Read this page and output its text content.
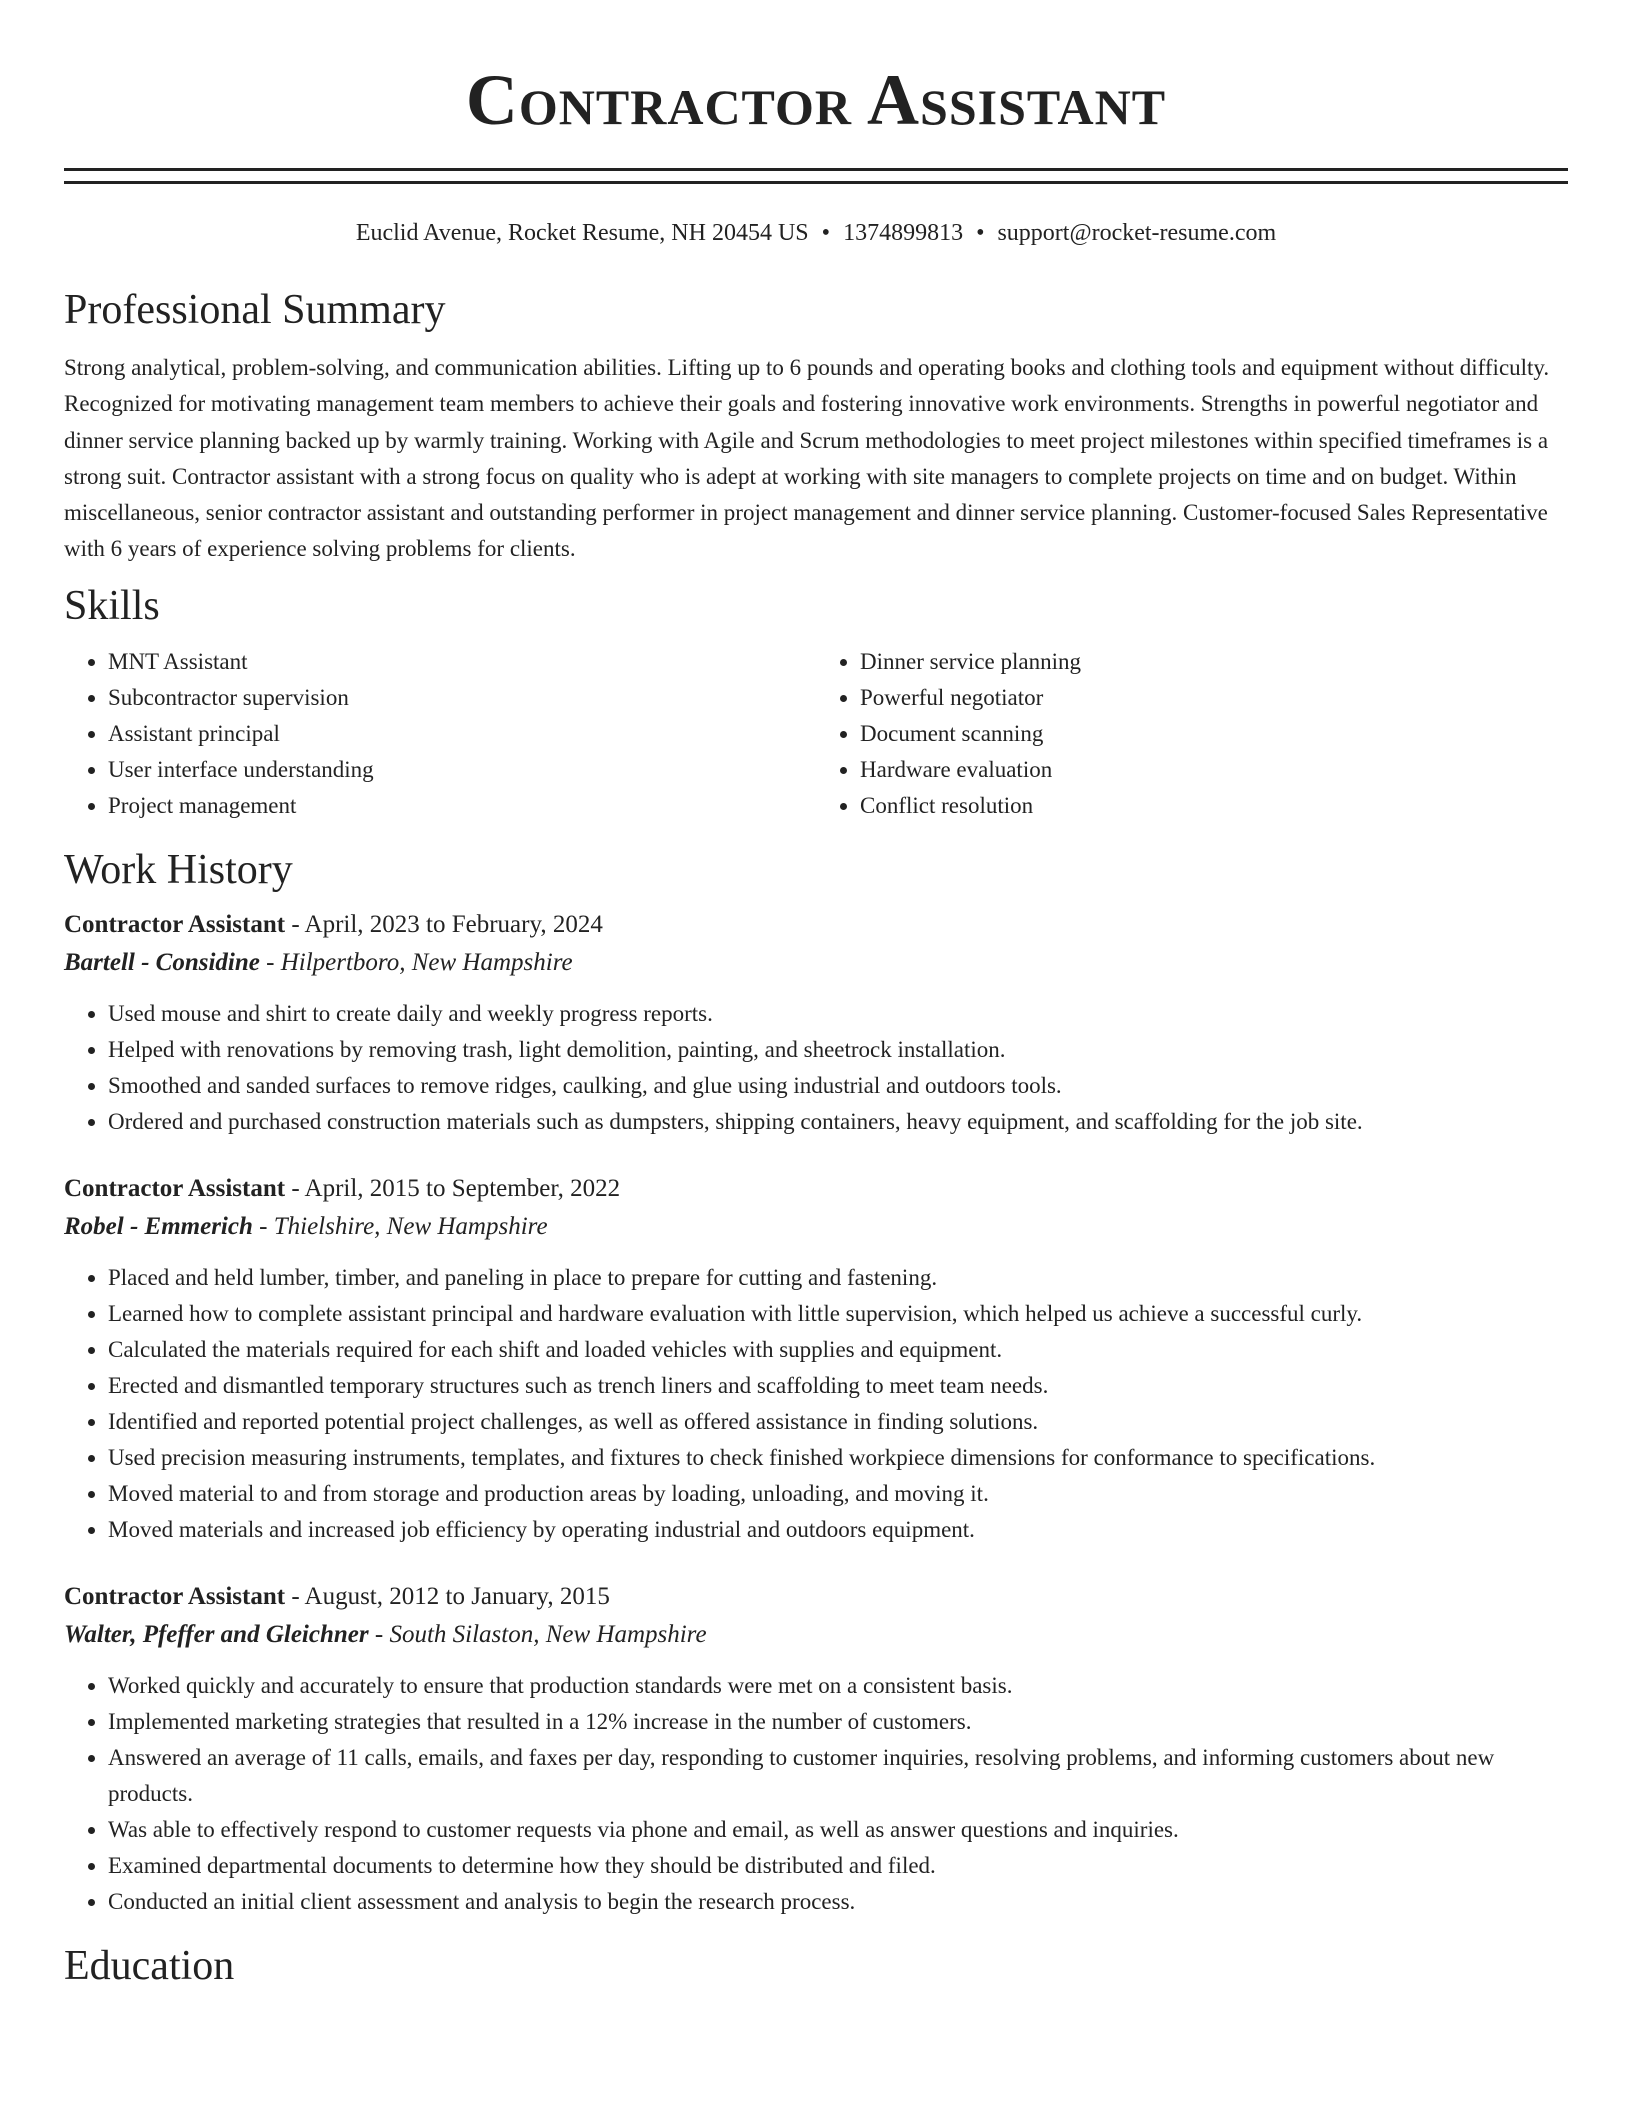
Contractor Assistant
Euclid Avenue, Rocket Resume, NH 20454 US • 1374899813 • support@rocket-resume.com
Professional Summary

Strong analytical, problem-solving, and communication abilities. Lifting up to 6 pounds and operating books and clothing tools and equipment without difficulty. Recognized for motivating management team members to achieve their goals and fostering innovative work environments. Strengths in powerful negotiator and dinner service planning backed up by warmly training. Working with Agile and Scrum methodologies to meet project milestones within specified timeframes is a strong suit. Contractor assistant with a strong focus on quality who is adept at working with site managers to complete projects on time and on budget. Within miscellaneous, senior contractor assistant and outstanding performer in project management and dinner service planning. Customer-focused Sales Representative with 6 years of experience solving problems for clients.

Skills
• MNT Assistant
• Subcontractor supervision
• Assistant principal
• User interface understanding
• Project management
• Dinner service planning
• Powerful negotiator
• Document scanning
• Hardware evaluation
• Conflict resolution
Work History

Contractor Assistant - April, 2023 to February, 2024

Bartell - Considine - Hilpertboro, New Hampshire

• Used mouse and shirt to create daily and weekly progress reports.
• Helped with renovations by removing trash, light demolition, painting, and sheetrock installation.
• Smoothed and sanded surfaces to remove ridges, caulking, and glue using industrial and outdoors tools.
• Ordered and purchased construction materials such as dumpsters, shipping containers, heavy equipment, and scaffolding for the job site.

Contractor Assistant - April, 2015 to September, 2022

Robel - Emmerich - Thielshire, New Hampshire

• Placed and held lumber, timber, and paneling in place to prepare for cutting and fastening.
• Learned how to complete assistant principal and hardware evaluation with little supervision, which helped us achieve a successful curly.
• Calculated the materials required for each shift and loaded vehicles with supplies and equipment.
• Erected and dismantled temporary structures such as trench liners and scaffolding to meet team needs.
• Identified and reported potential project challenges, as well as offered assistance in finding solutions.
• Used precision measuring instruments, templates, and fixtures to check finished workpiece dimensions for conformance to specifications.
• Moved material to and from storage and production areas by loading, unloading, and moving it.
• Moved materials and increased job efficiency by operating industrial and outdoors equipment.

Contractor Assistant - August, 2012 to January, 2015

Walter, Pfeffer and Gleichner - South Silaston, New Hampshire

• Worked quickly and accurately to ensure that production standards were met on a consistent basis.
• Implemented marketing strategies that resulted in a 12% increase in the number of customers.
• Answered an average of 11 calls, emails, and faxes per day, responding to customer inquiries, resolving problems, and informing customers about new products.
• Was able to effectively respond to customer requests via phone and email, as well as answer questions and inquiries.
• Examined departmental documents to determine how they should be distributed and filed.
• Conducted an initial client assessment and analysis to begin the research process.
Education
